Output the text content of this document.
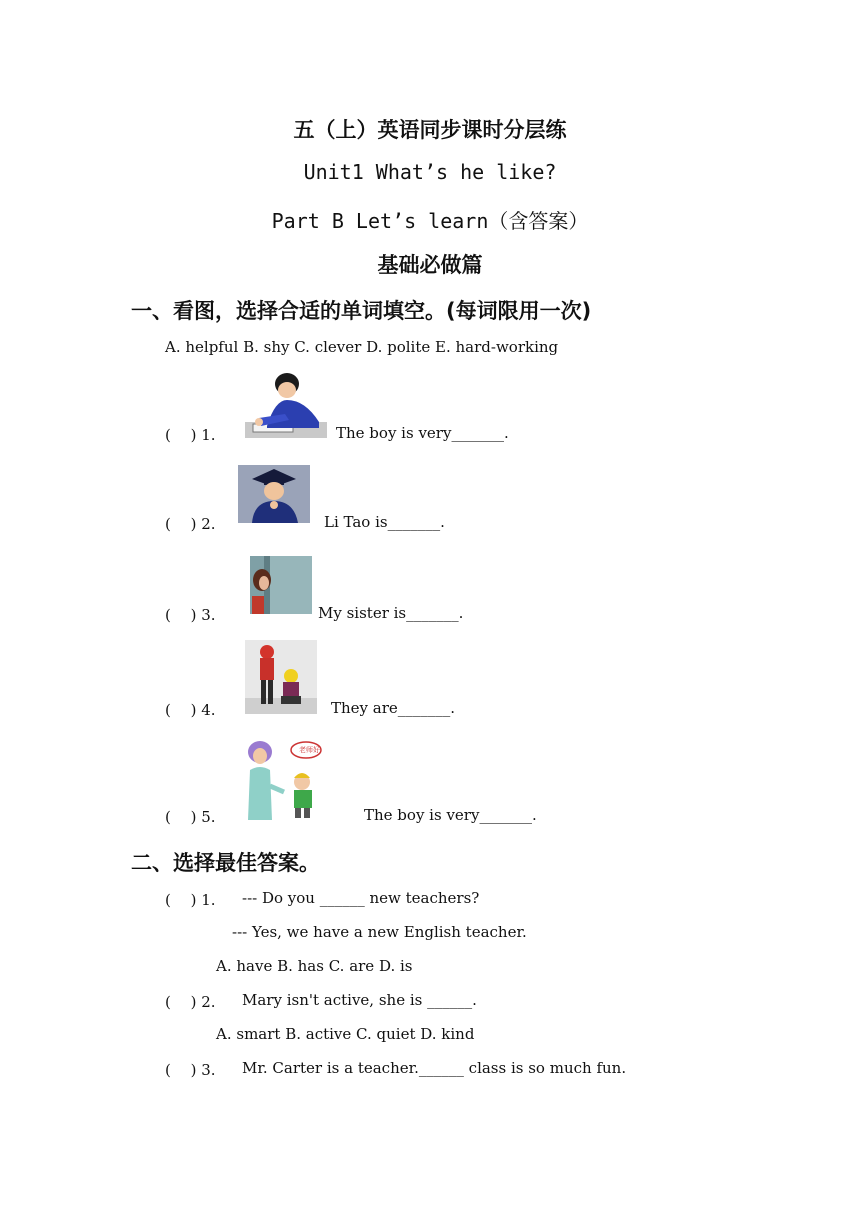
五（上）英语同步课时分层练
Unit1 What’s he like?
Part B Let’s learn（含答案）
基础必做篇
一、看图，选择合适的单词填空。(每词限用一次)
A. helpful B. shy C. clever D. polite E. hard-working
(　 ) 1.	The boy is very_______.
(　 ) 2.	Li Tao is_______.
(　 ) 3.	My sister is_______.
(　 ) 4.	They are_______.
(　 ) 5.
老师好
The boy is very_______.
二、选择最佳答案。
(　 ) 1. --- Do you ______ new teachers?
--- Yes, we have a new English teacher.
A. have B. has C. are D. is
(　 ) 2. Mary isn't active, she is ______.
A. smart B. active C. quiet D. kind
(　 ) 3. Mr. Carter is a teacher.______ class is so much fun.
